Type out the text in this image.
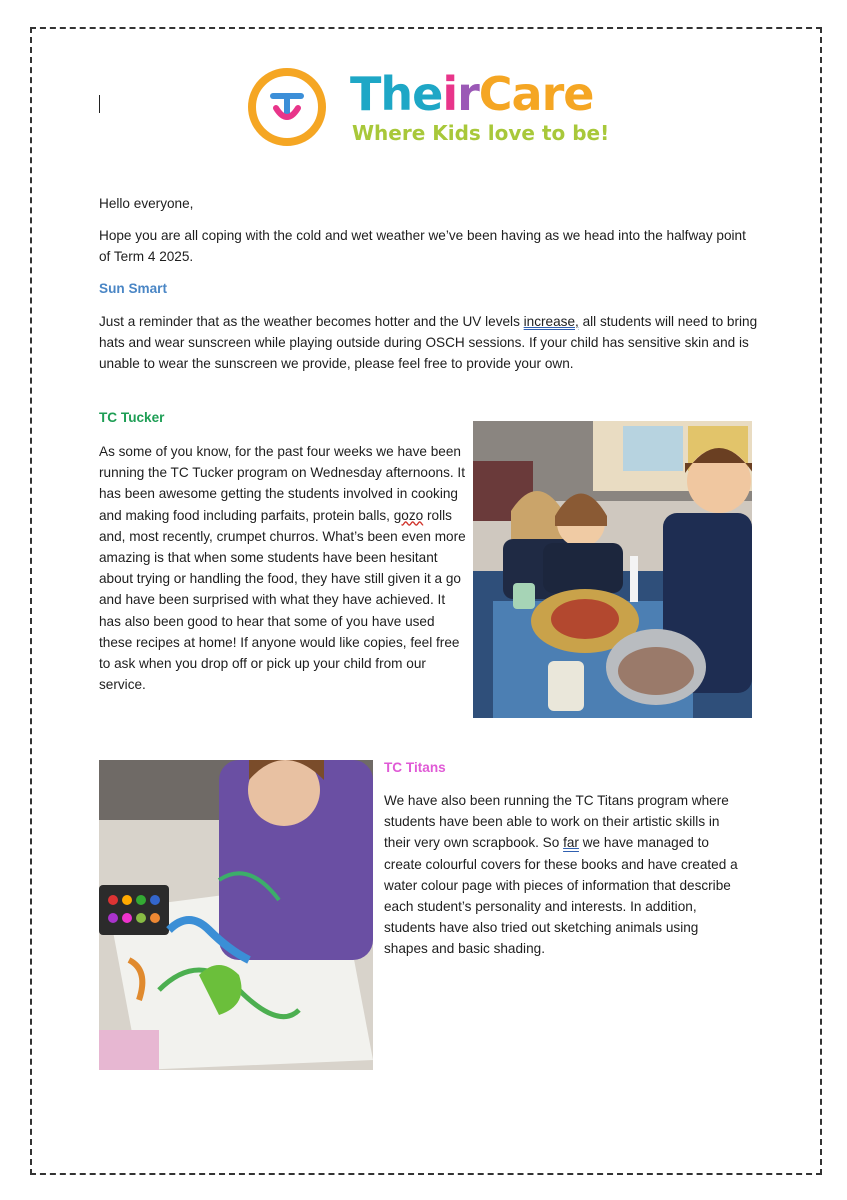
TheirCare
Where Kids love to be!

Hello everyone,

Hope you are all coping with the cold and wet weather we’ve been having as we head into the halfway point of Term 4 2025.

Sun Smart

Just a reminder that as the weather becomes hotter and the UV levels increase, all students will need to bring hats and wear sunscreen while playing outside during OSCH sessions. If your child has sensitive skin and is unable to wear the sunscreen we provide, please feel free to provide your own.

TC Tucker

As some of you know, for the past four weeks we have been running the TC Tucker program on Wednesday afternoons. It has been awesome getting the students involved in cooking and making food including parfaits, protein balls, gozo rolls and, most recently, crumpet churros. What’s been even more amazing is that when some students have been hesitant about trying or handling the food, they have still given it a go and have been surprised with what they have achieved. It has also been good to hear that some of you have used these recipes at home! If anyone would like copies, feel free to ask when you drop off or pick up your child from our service.

TC Titans

We have also been running the TC Titans program where students have been able to work on their artistic skills in their very own scrapbook. So far we have managed to create colourful covers for these books and have created a water colour page with pieces of information that describe each student’s personality and interests. In addition, students have also tried out sketching animals using shapes and basic shading.
